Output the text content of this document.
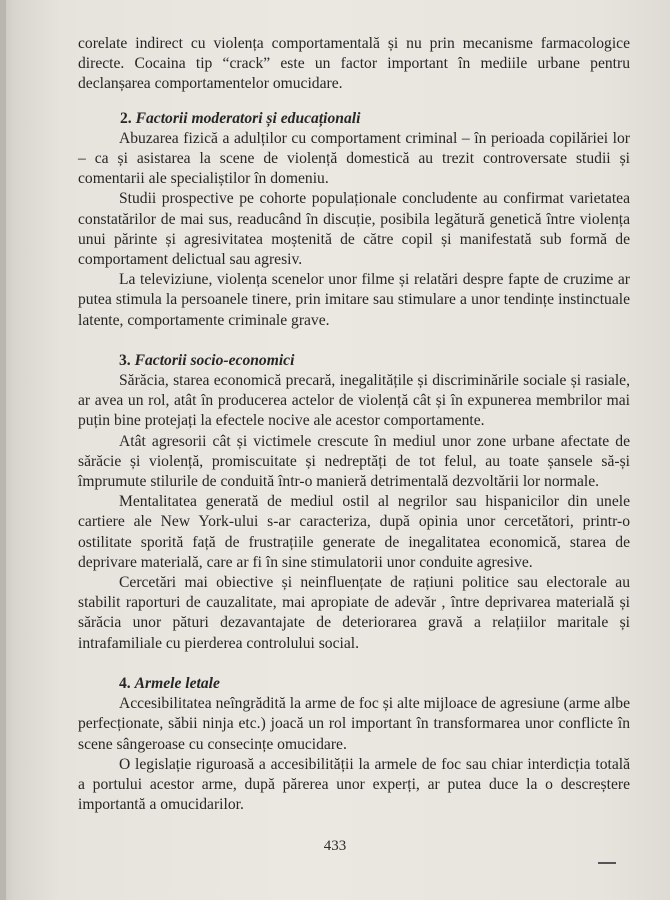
corelate indirect cu violența comportamentală și nu prin mecanisme farmacologice directe. Cocaina tip “crack” este un factor important în mediile urbane pentru declanșarea comportamentelor omucidare.

2. Factorii moderatori și educaționali

Abuzarea fizică a adulților cu comportament criminal – în perioada copilăriei lor – ca și asistarea la scene de violență domestică au trezit controversate studii și comentarii ale specialiștilor în domeniu.

Studii prospective pe cohorte populaționale concludente au confirmat varietatea constatărilor de mai sus, readucând în discuție, posibila legătură genetică între violența unui părinte și agresivitatea moștenită de către copil și manifestată sub formă de comportament delictual sau agresiv.

La televiziune, violența scenelor unor filme și relatări despre fapte de cruzime ar putea stimula la persoanele tinere, prin imitare sau stimulare a unor tendințe instinctuale latente, comportamente criminale grave.

3. Factorii socio-economici

Sărăcia, starea economică precară, inegalitățile și discriminările sociale și rasiale, ar avea un rol, atât în producerea actelor de violență cât și în expunerea membrilor mai puțin bine protejați la efectele nocive ale acestor comportamente.

Atât agresorii cât și victimele crescute în mediul unor zone urbane afectate de sărăcie și violență, promiscuitate și nedreptăți de tot felul, au toate șansele să-și împrumute stilurile de conduită într-o manieră detrimentală dezvoltării lor normale.

Mentalitatea generată de mediul ostil al negrilor sau hispanicilor din unele cartiere ale New York-ului s-ar caracteriza, după opinia unor cercetători, printr-o ostilitate sporită față de frustrațiile generate de inegalitatea economică, starea de deprivare materială, care ar fi în sine stimulatorii unor conduite agresive.

Cercetări mai obiective și neinfluențate de rațiuni politice sau electorale au stabilit raporturi de cauzalitate, mai apropiate de adevăr , între deprivarea materială și sărăcia unor pături dezavantajate de deteriorarea gravă a relațiilor maritale și intrafamiliale cu pierderea controlului social.

4. Armele letale

Accesibilitatea neîngrădită la arme de foc și alte mijloace de agresiune (arme albe perfecționate, săbii ninja etc.) joacă un rol important în transformarea unor conflicte în scene sângeroase cu consecințe omucidare.

O legislație riguroasă a accesibilității la armele de foc sau chiar interdicția totală a portului acestor arme, după părerea unor experți, ar putea duce la o descreștere importantă a omucidarilor.

433
